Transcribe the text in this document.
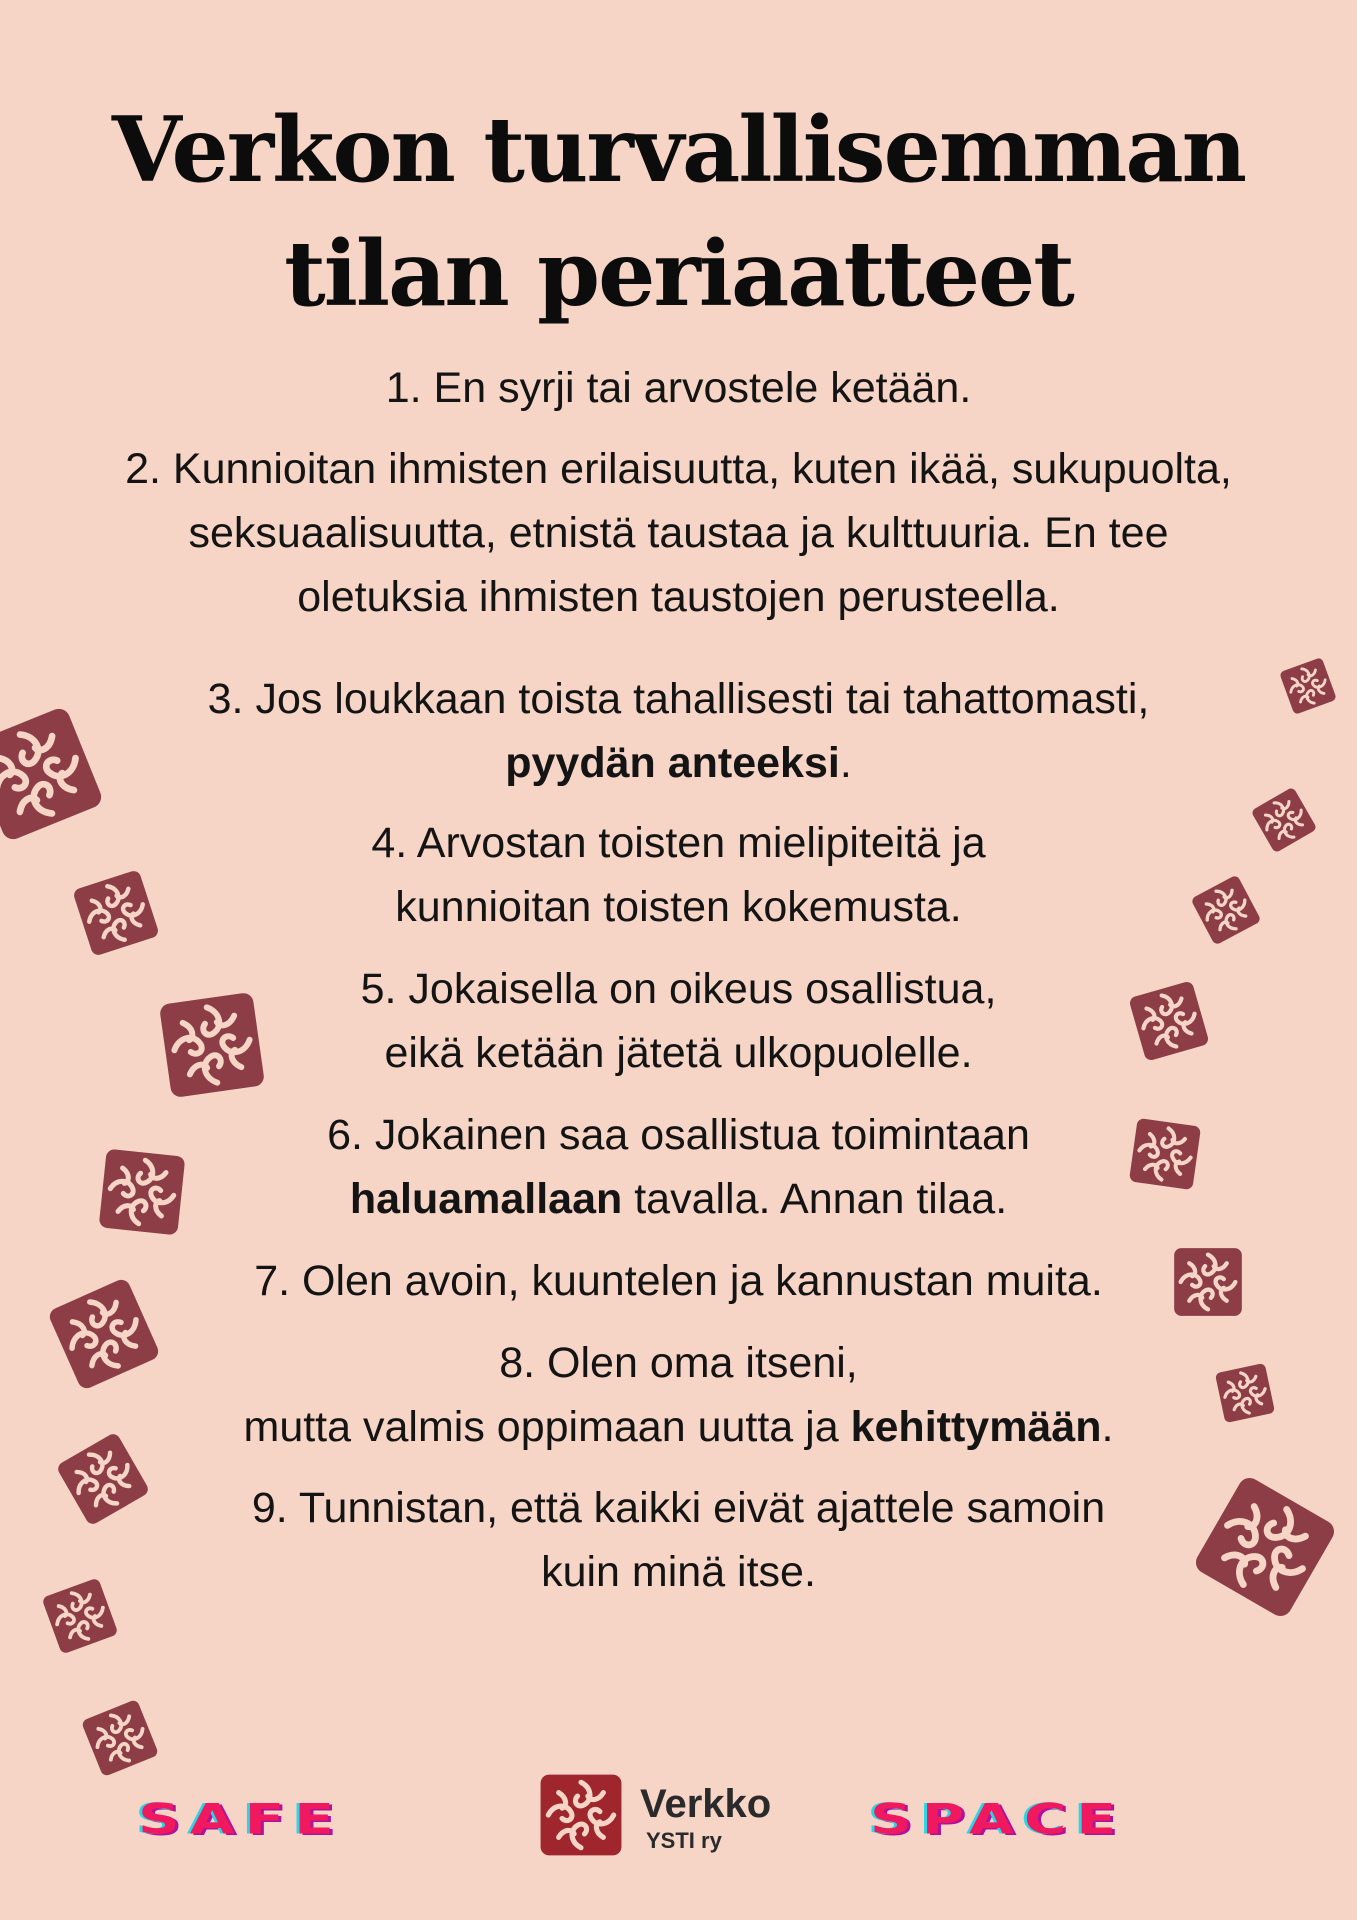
Verkon turvallisemman
tilan periaatteet
1. En syrji tai arvostele ketään.
2. Kunnioitan ihmisten erilaisuutta, kuten ikää, sukupuolta,
seksuaalisuutta, etnistä taustaa ja kulttuuria. En tee
oletuksia ihmisten taustojen perusteella.
3. Jos loukkaan toista tahallisesti tai tahattomasti,
pyydän anteeksi.
4. Arvostan toisten mielipiteitä ja
kunnioitan toisten kokemusta.
5. Jokaisella on oikeus osallistua,
eikä ketään jätetä ulkopuolelle.
6. Jokainen saa osallistua toimintaan
haluamallaan tavalla. Annan tilaa.
7. Olen avoin, kuuntelen ja kannustan muita.
8. Olen oma itseni,
mutta valmis oppimaan uutta ja kehittymään.
9. Tunnistan, että kaikki eivät ajattele samoin
kuin minä itse.
SAFE	Verkko
YSTI ry	SPACE
